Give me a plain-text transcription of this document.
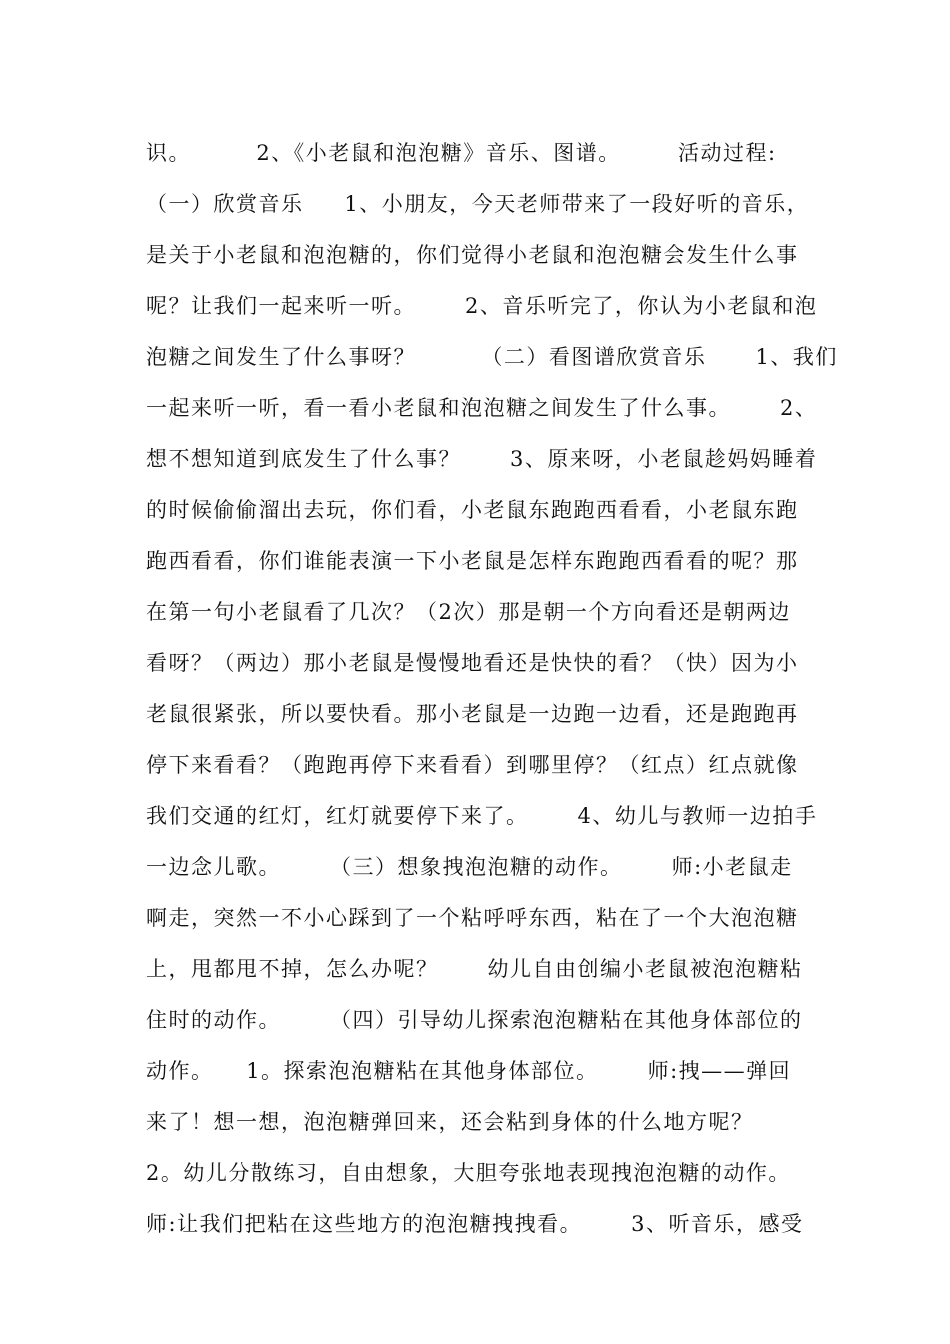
识。        2、《小老鼠和泡泡糖》音乐、图谱。       活动过程:
（一）欣赏音乐     1、小朋友，今天老师带来了一段好听的音乐，
是关于小老鼠和泡泡糖的，你们觉得小老鼠和泡泡糖会发生什么事
呢？让我们一起来听一听。      2、音乐听完了，你认为小老鼠和泡
泡糖之间发生了什么事呀？        （二）看图谱欣赏音乐      1、我们
一起来听一听，看一看小老鼠和泡泡糖之间发生了什么事。      2、
想不想知道到底发生了什么事？      3、原来呀，小老鼠趁妈妈睡着
的时候偷偷溜出去玩，你们看，小老鼠东跑跑西看看，小老鼠东跑
跑西看看，你们谁能表演一下小老鼠是怎样东跑跑西看看的呢？那
在第一句小老鼠看了几次？（2次）那是朝一个方向看还是朝两边
看呀？（两边）那小老鼠是慢慢地看还是快快的看？（快）因为小
老鼠很紧张，所以要快看。那小老鼠是一边跑一边看，还是跑跑再
停下来看看？（跑跑再停下来看看）到哪里停？（红点）红点就像
我们交通的红灯，红灯就要停下来了。      4、幼儿与教师一边拍手
一边念儿歌。      （三）想象拽泡泡糖的动作。      师:小老鼠走
啊走，突然一不小心踩到了一个粘呼呼东西，粘在了一个大泡泡糖
上，甩都甩不掉，怎么办呢？      幼儿自由创编小老鼠被泡泡糖粘
住时的动作。      （四）引导幼儿探索泡泡糖粘在其他身体部位的
动作。    1。探索泡泡糖粘在其他身体部位。      师:拽——弹回
来了！想一想，泡泡糖弹回来，还会粘到身体的什么地方呢？
2。幼儿分散练习，自由想象，大胆夸张地表现拽泡泡糖的动作。
师:让我们把粘在这些地方的泡泡糖拽拽看。      3、听音乐，感受
